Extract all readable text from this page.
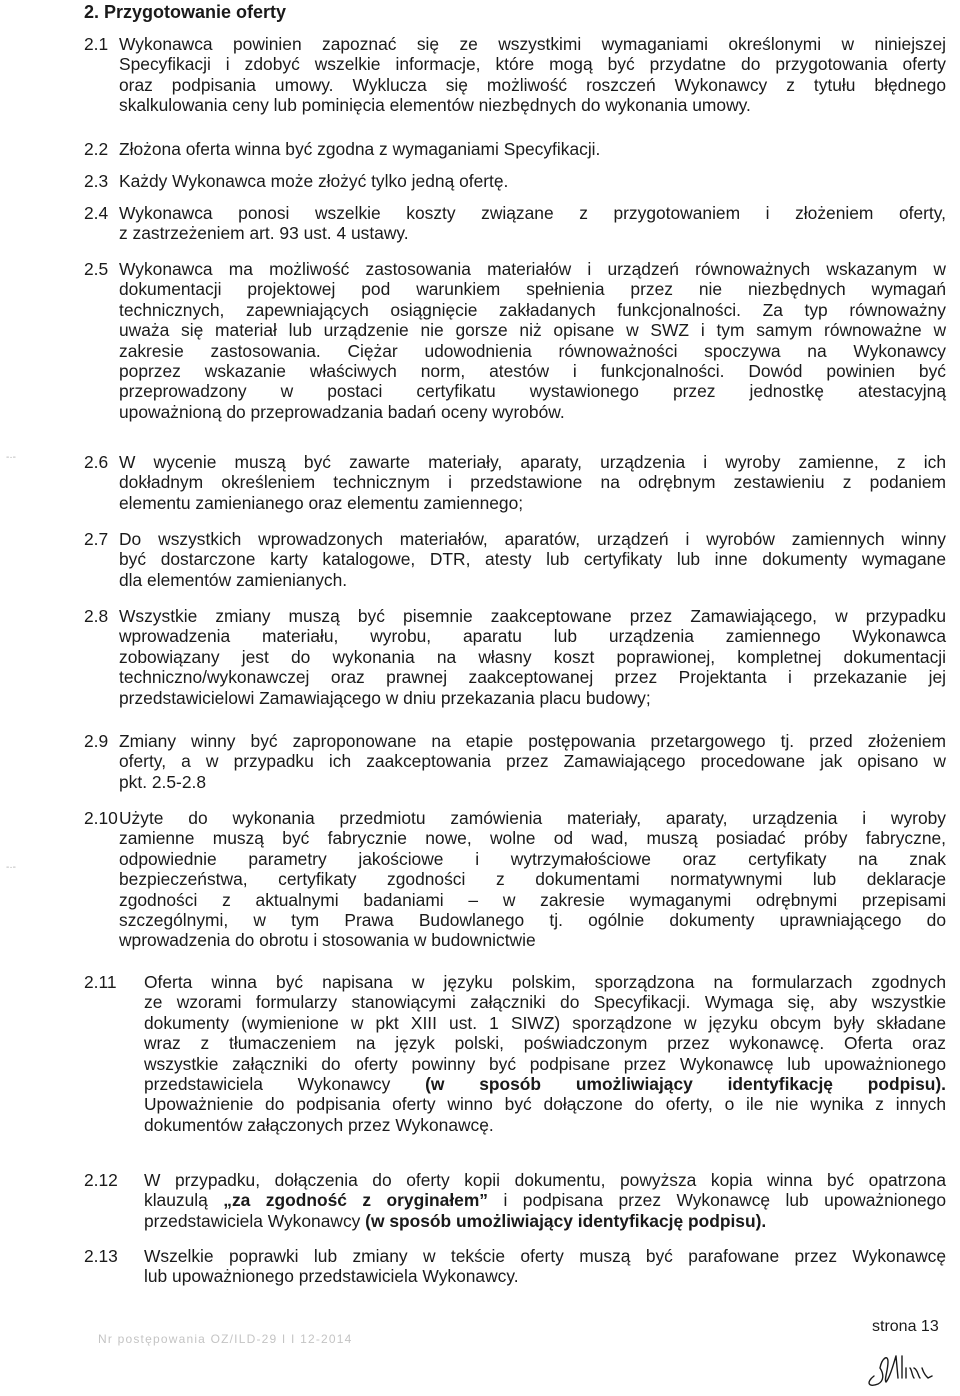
2. Przygotowanie oferty
2.1 Wykonawca powinien zapoznać się ze wszystkimi wymaganiami określonymi w niniejszej
Specyfikacji i zdobyć wszelkie informacje, które mogą być przydatne do przygotowania oferty
oraz podpisania umowy. Wyklucza się możliwość roszczeń Wykonawcy z tytułu błędnego
skalkulowania ceny lub pominięcia elementów niezbędnych do wykonania umowy.
2.2 Złożona oferta winna być zgodna z wymaganiami Specyfikacji.
2.3 Każdy Wykonawca może złożyć tylko jedną ofertę.
2.4 Wykonawca ponosi wszelkie koszty związane z przygotowaniem i złożeniem oferty,
z zastrzeżeniem art. 93 ust. 4 ustawy.
2.5 Wykonawca ma możliwość zastosowania materiałów i urządzeń równoważnych wskazanym w
dokumentacji projektowej pod warunkiem spełnienia przez nie niezbędnych wymagań
technicznych, zapewniających osiągnięcie zakładanych funkcjonalności. Za typ równoważny
uważa się materiał lub urządzenie nie gorsze niż opisane w SWZ i tym samym równoważne w
zakresie zastosowania. Ciężar udowodnienia równoważności spoczywa na Wykonawcy
poprzez wskazanie właściwych norm, atestów i funkcjonalności. Dowód powinien być
przeprowadzony w postaci certyfikatu wystawionego przez jednostkę atestacyjną
upoważnioną do przeprowadzania badań oceny wyrobów.
2.6 W wycenie muszą być zawarte materiały, aparaty, urządzenia i wyroby zamienne, z ich
dokładnym określeniem technicznym i przedstawione na odrębnym zestawieniu z podaniem
elementu zamienianego oraz elementu zamiennego;
2.7 Do wszystkich wprowadzonych materiałów, aparatów, urządzeń i wyrobów zamiennych winny
być dostarczone karty katalogowe, DTR, atesty lub certyfikaty lub inne dokumenty wymagane
dla elementów zamienianych.
2.8 Wszystkie zmiany muszą być pisemnie zaakceptowane przez Zamawiającego, w przypadku
wprowadzenia materiału, wyrobu, aparatu lub urządzenia zamiennego Wykonawca
zobowiązany jest do wykonania na własny koszt poprawionej, kompletnej dokumentacji
techniczno/wykonawczej oraz prawnej zaakceptowanej przez Projektanta i przekazanie jej
przedstawicielowi Zamawiającego w dniu przekazania placu budowy;
2.9 Zmiany winny być zaproponowane na etapie postępowania przetargowego tj. przed złożeniem
oferty, a w przypadku ich zaakceptowania przez Zamawiającego procedowane jak opisano w
pkt. 2.5-2.8
2.10 Użyte do wykonania przedmiotu zamówienia materiały, aparaty, urządzenia i wyroby
zamienne muszą być fabrycznie nowe, wolne od wad, muszą posiadać próby fabryczne,
odpowiednie parametry jakościowe i wytrzymałościowe oraz certyfikaty na znak
bezpieczeństwa, certyfikaty zgodności z dokumentami normatywnymi lub deklaracje
zgodności z aktualnymi badaniami – w zakresie wymaganymi odrębnymi przepisami
szczególnymi, w tym Prawa Budowlanego tj. ogólnie dokumenty uprawniającego do
wprowadzenia do obrotu i stosowania w budownictwie
2.11 Oferta winna być napisana w języku polskim, sporządzona na formularzach zgodnych
ze wzorami formularzy stanowiącymi załączniki do Specyfikacji. Wymaga się, aby wszystkie
dokumenty (wymienione w pkt XIII ust. 1 SIWZ) sporządzone w języku obcym były składane
wraz z tłumaczeniem na język polski, poświadczonym przez wykonawcę. Oferta oraz
wszystkie załączniki do oferty powinny być podpisane przez Wykonawcę lub upoważnionego
przedstawiciela Wykonawcy (w sposób umożliwiający identyfikację podpisu).
Upoważnienie do podpisania oferty winno być dołączone do oferty, o ile nie wynika z innych
dokumentów załączonych przez Wykonawcę.
2.12 W przypadku, dołączenia do oferty kopii dokumentu, powyższa kopia winna być opatrzona
klauzulą „za zgodność z oryginałem” i podpisana przez Wykonawcę lub upoważnionego
przedstawiciela Wykonawcy (w sposób umożliwiający identyfikację podpisu).
2.13 Wszelkie poprawki lub zmiany w tekście oferty muszą być parafowane przez Wykonawcę
lub upoważnionego przedstawiciela Wykonawcy.
-·-
-·-
Nr postępowania OZ/ILD-29 I I 12-2014
strona 13
